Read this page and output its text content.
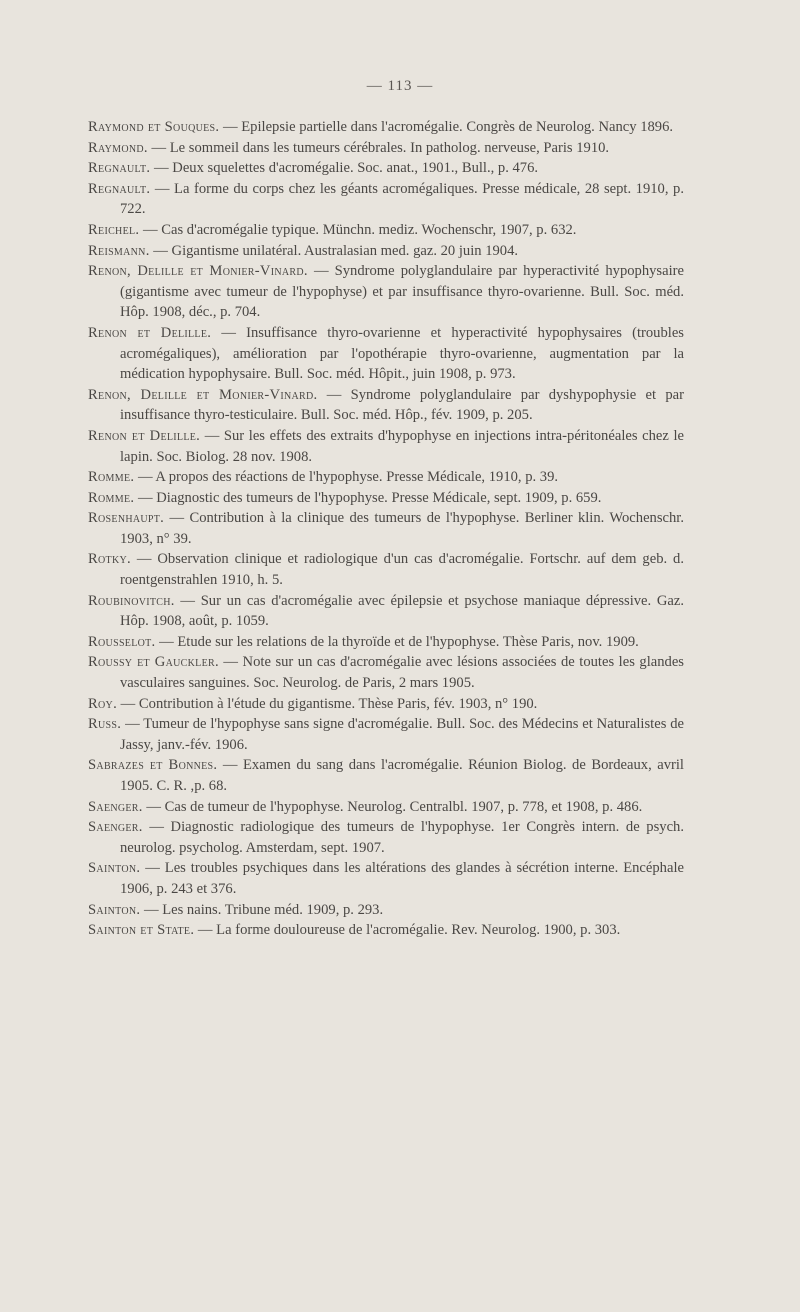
— 113 —

Raymond et Souques. — Epilepsie partielle dans l'acromégalie. Congrès de Neurolog. Nancy 1896.

Raymond. — Le sommeil dans les tumeurs cérébrales. In patholog. nerveuse, Paris 1910.

Regnault. — Deux squelettes d'acromégalie. Soc. anat., 1901., Bull., p. 476.

Regnault. — La forme du corps chez les géants acromégaliques. Presse médicale, 28 sept. 1910, p. 722.

Reichel. — Cas d'acromégalie typique. Münchn. mediz. Wochenschr, 1907, p. 632.

Reismann. — Gigantisme unilatéral. Australasian med. gaz. 20 juin 1904.

Renon, Delille et Monier-Vinard. — Syndrome polyglandulaire par hyperactivité hypophysaire (gigantisme avec tumeur de l'hypophyse) et par insuffisance thyro-ovarienne. Bull. Soc. méd. Hôp. 1908, déc., p. 704.

Renon et Delille. — Insuffisance thyro-ovarienne et hyperactivité hypophysaires (troubles acromégaliques), amélioration par l'opothérapie thyro-ovarienne, augmentation par la médication hypophysaire. Bull. Soc. méd. Hôpit., juin 1908, p. 973.

Renon, Delille et Monier-Vinard. — Syndrome polyglandulaire par dyshypophysie et par insuffisance thyro-testiculaire. Bull. Soc. méd. Hôp., fév. 1909, p. 205.

Renon et Delille. — Sur les effets des extraits d'hypophyse en injections intra-péritonéales chez le lapin. Soc. Biolog. 28 nov. 1908.

Romme. — A propos des réactions de l'hypophyse. Presse Médicale, 1910, p. 39.

Romme. — Diagnostic des tumeurs de l'hypophyse. Presse Médicale, sept. 1909, p. 659.

Rosenhaupt. — Contribution à la clinique des tumeurs de l'hypophyse. Berliner klin. Wochenschr. 1903, n° 39.

Rotky. — Observation clinique et radiologique d'un cas d'acromégalie. Fortschr. auf dem geb. d. roentgenstrahlen 1910, h. 5.

Roubinovitch. — Sur un cas d'acromégalie avec épilepsie et psychose maniaque dépressive. Gaz. Hôp. 1908, août, p. 1059.

Rousselot. — Etude sur les relations de la thyroïde et de l'hypophyse. Thèse Paris, nov. 1909.

Roussy et Gauckler. — Note sur un cas d'acromégalie avec lésions associées de toutes les glandes vasculaires sanguines. Soc. Neurolog. de Paris, 2 mars 1905.

Roy. — Contribution à l'étude du gigantisme. Thèse Paris, fév. 1903, n° 190.

Russ. — Tumeur de l'hypophyse sans signe d'acromégalie. Bull. Soc. des Médecins et Naturalistes de Jassy, janv.-fév. 1906.

Sabrazes et Bonnes. — Examen du sang dans l'acromégalie. Réunion Biolog. de Bordeaux, avril 1905. C. R. ,p. 68.

Saenger. — Cas de tumeur de l'hypophyse. Neurolog. Centralbl. 1907, p. 778, et 1908, p. 486.

Saenger. — Diagnostic radiologique des tumeurs de l'hypophyse. 1er Congrès intern. de psych. neurolog. psycholog. Amsterdam, sept. 1907.

Sainton. — Les troubles psychiques dans les altérations des glandes à sécrétion interne. Encéphale 1906, p. 243 et 376.

Sainton. — Les nains. Tribune méd. 1909, p. 293.

Sainton et State. — La forme douloureuse de l'acromégalie. Rev. Neurolog. 1900, p. 303.
